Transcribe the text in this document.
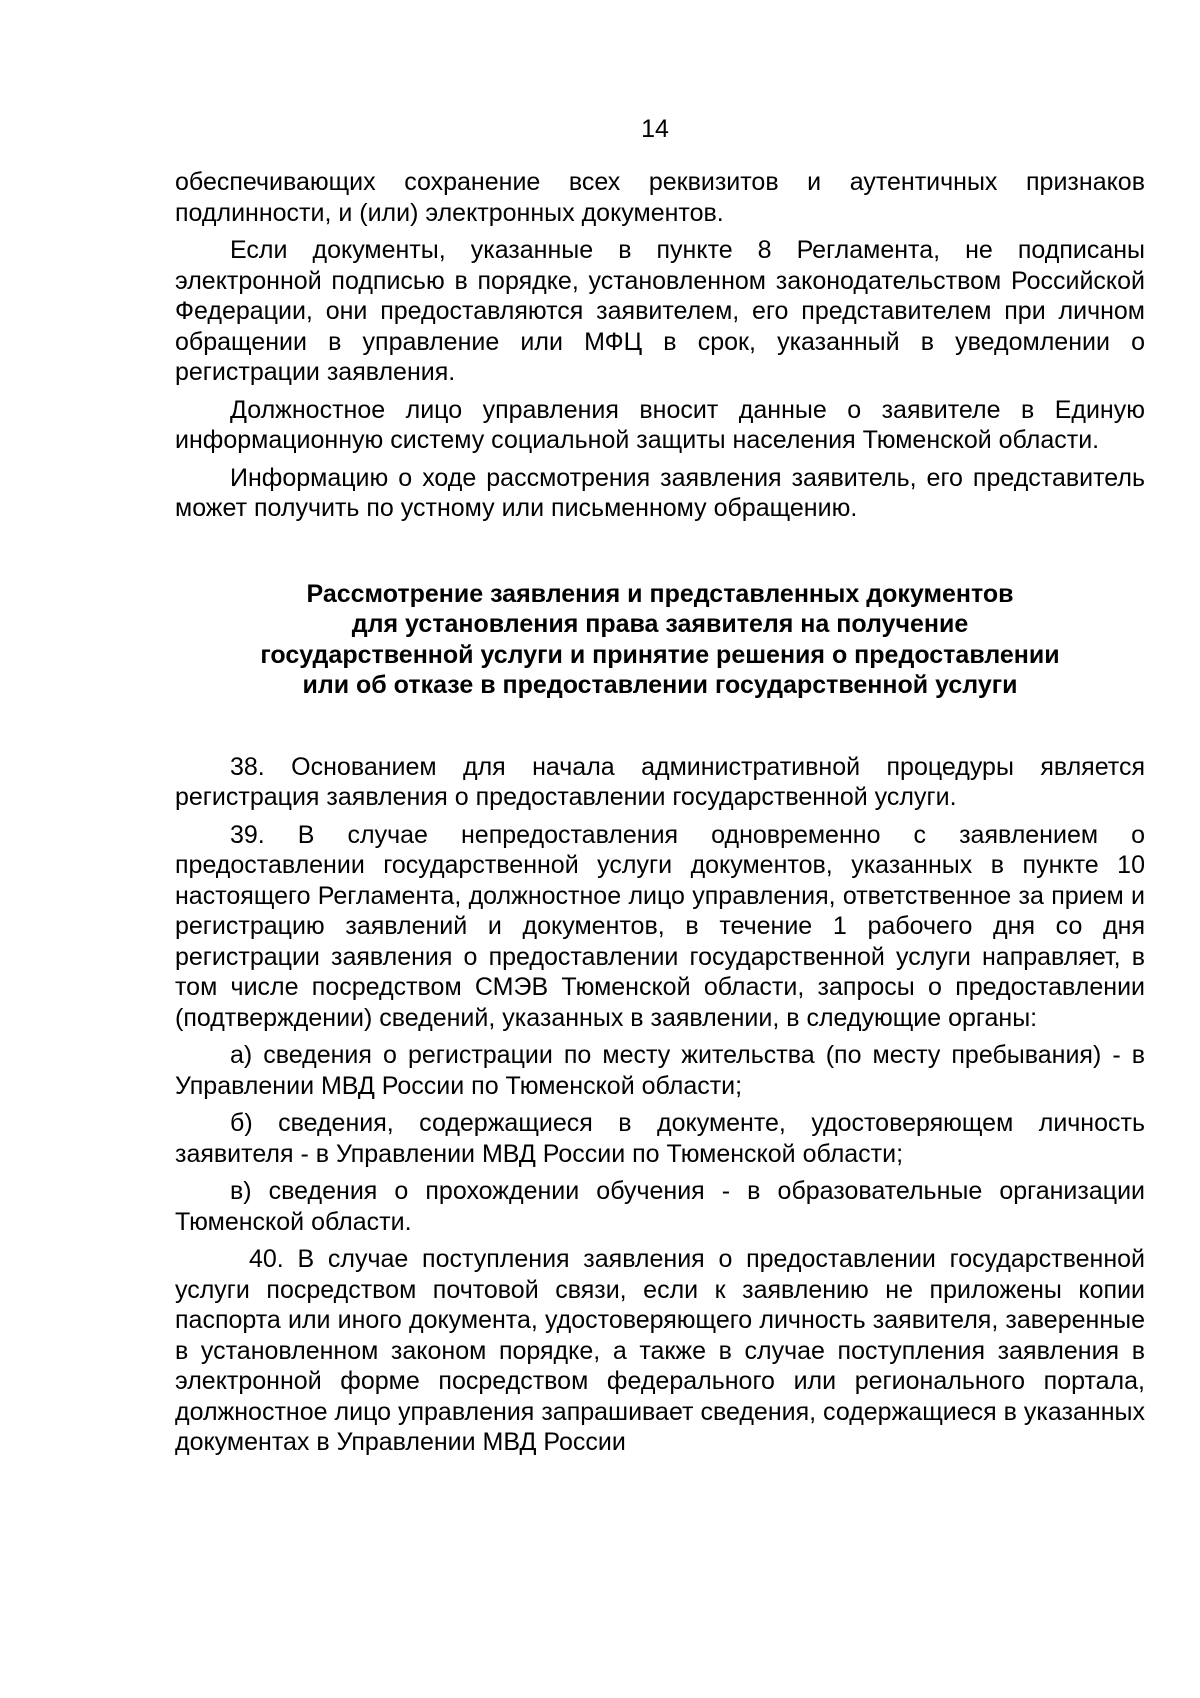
14

обеспечивающих сохранение всех реквизитов и аутентичных признаков подлинности, и (или) электронных документов.

Если документы, указанные в пункте 8 Регламента, не подписаны электронной подписью в порядке, установленном законодательством Российской Федерации, они предоставляются заявителем, его представителем при личном обращении в управление или МФЦ в срок, указанный в уведомлении о регистрации заявления.

Должностное лицо управления вносит данные о заявителе в Единую информационную систему социальной защиты населения Тюменской области.

Информацию о ходе рассмотрения заявления заявитель, его представитель может получить по устному или письменному обращению.

Рассмотрение заявления и представленных документов
для установления права заявителя на получение
государственной услуги и принятие решения о предоставлении
или об отказе в предоставлении государственной услуги

38. Основанием для начала административной процедуры является регистрация заявления о предоставлении государственной услуги.

39. В случае непредоставления одновременно с заявлением о предоставлении государственной услуги документов, указанных в пункте 10 настоящего Регламента, должностное лицо управления, ответственное за прием и регистрацию заявлений и документов, в течение 1 рабочего дня со дня регистрации заявления о предоставлении государственной услуги направляет, в том числе посредством СМЭВ Тюменской области, запросы о предоставлении (подтверждении) сведений, указанных в заявлении, в следующие органы:

а) сведения о регистрации по месту жительства (по месту пребывания) - в Управлении МВД России по Тюменской области;

б) сведения, содержащиеся в документе, удостоверяющем личность заявителя - в Управлении МВД России по Тюменской области;

в) сведения о прохождении обучения - в образовательные организации Тюменской области.

40. В случае поступления заявления о предоставлении государственной услуги посредством почтовой связи, если к заявлению не приложены копии паспорта или иного документа, удостоверяющего личность заявителя, заверенные в установленном законом порядке, а также в случае поступления заявления в электронной форме посредством федерального или регионального портала, должностное лицо управления запрашивает сведения, содержащиеся в указанных документах в Управлении МВД России
